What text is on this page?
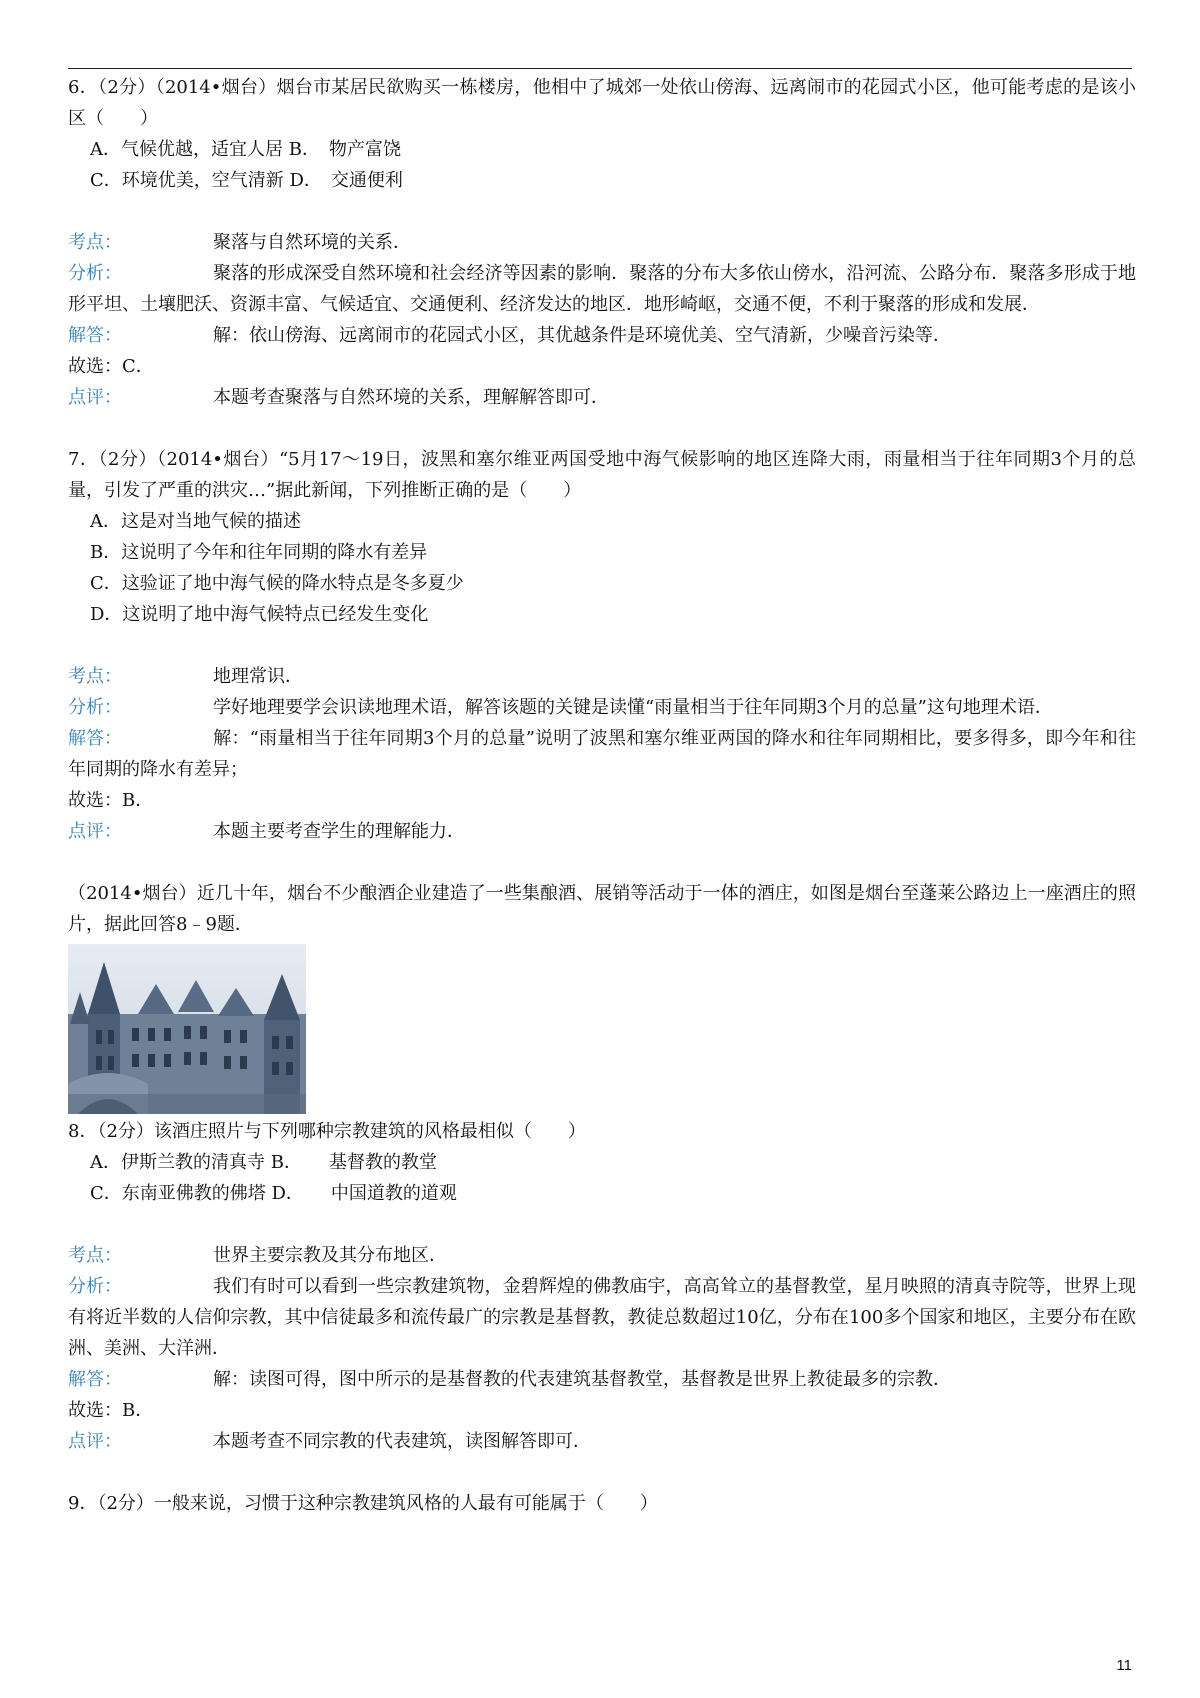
6．（2分）（2014•烟台）烟台市某居民欲购买一栋楼房，他相中了城郊一处依山傍海、远离闹市的花园式小区，他可能考虑的是该小区（　　）
A．气候优越，适宜人居 B．　物产富饶
C．环境优美，空气清新 D．　交通便利
考点：	聚落与自然环境的关系．
分析：	聚落的形成深受自然环境和社会经济等因素的影响．聚落的分布大多依山傍水，沿河流、公路分布．聚落多形成于地形平坦、土壤肥沃、资源丰富、气候适宜、交通便利、经济发达的地区．地形崎岖，交通不便，不利于聚落的形成和发展．
解答：	解：依山傍海、远离闹市的花园式小区，其优越条件是环境优美、空气清新，少噪音污染等．
故选：C．
点评：	本题考查聚落与自然环境的关系，理解解答即可．
7．（2分）（2014•烟台）“5月17～19日，波黑和塞尔维亚两国受地中海气候影响的地区连降大雨，雨量相当于往年同期3个月的总量，引发了严重的洪灾…”据此新闻，下列推断正确的是（　　）
A．这是对当地气候的描述
B．这说明了今年和往年同期的降水有差异
C．这验证了地中海气候的降水特点是冬多夏少
D．这说明了地中海气候特点已经发生变化
考点：	地理常识．
分析：	学好地理要学会识读地理术语，解答该题的关键是读懂“雨量相当于往年同期3个月的总量”这句地理术语．
解答：	解：“雨量相当于往年同期3个月的总量”说明了波黑和塞尔维亚两国的降水和往年同期相比，要多得多，即今年和往年同期的降水有差异；
故选：B．
点评：	本题主要考查学生的理解能力．
（2014•烟台）近几十年，烟台不少酿酒企业建造了一些集酿酒、展销等活动于一体的酒庄，如图是烟台至蓬莱公路边上一座酒庄的照片，据此回答8﹣9题．
8．（2分）该酒庄照片与下列哪种宗教建筑的风格最相似（　　）
A．伊斯兰教的清真寺 B．　　基督教的教堂
C．东南亚佛教的佛塔 D．　　中国道教的道观
考点：	世界主要宗教及其分布地区．
分析：	我们有时可以看到一些宗教建筑物，金碧辉煌的佛教庙宇，高高耸立的基督教堂，星月映照的清真寺院等，世界上现有将近半数的人信仰宗教，其中信徒最多和流传最广的宗教是基督教，教徒总数超过10亿，分布在100多个国家和地区，主要分布在欧洲、美洲、大洋洲．
解答：	解：读图可得，图中所示的是基督教的代表建筑基督教堂，基督教是世界上教徒最多的宗教．
故选：B．
点评：	本题考查不同宗教的代表建筑，读图解答即可．
9．（2分）一般来说，习惯于这种宗教建筑风格的人最有可能属于（　　）
11
